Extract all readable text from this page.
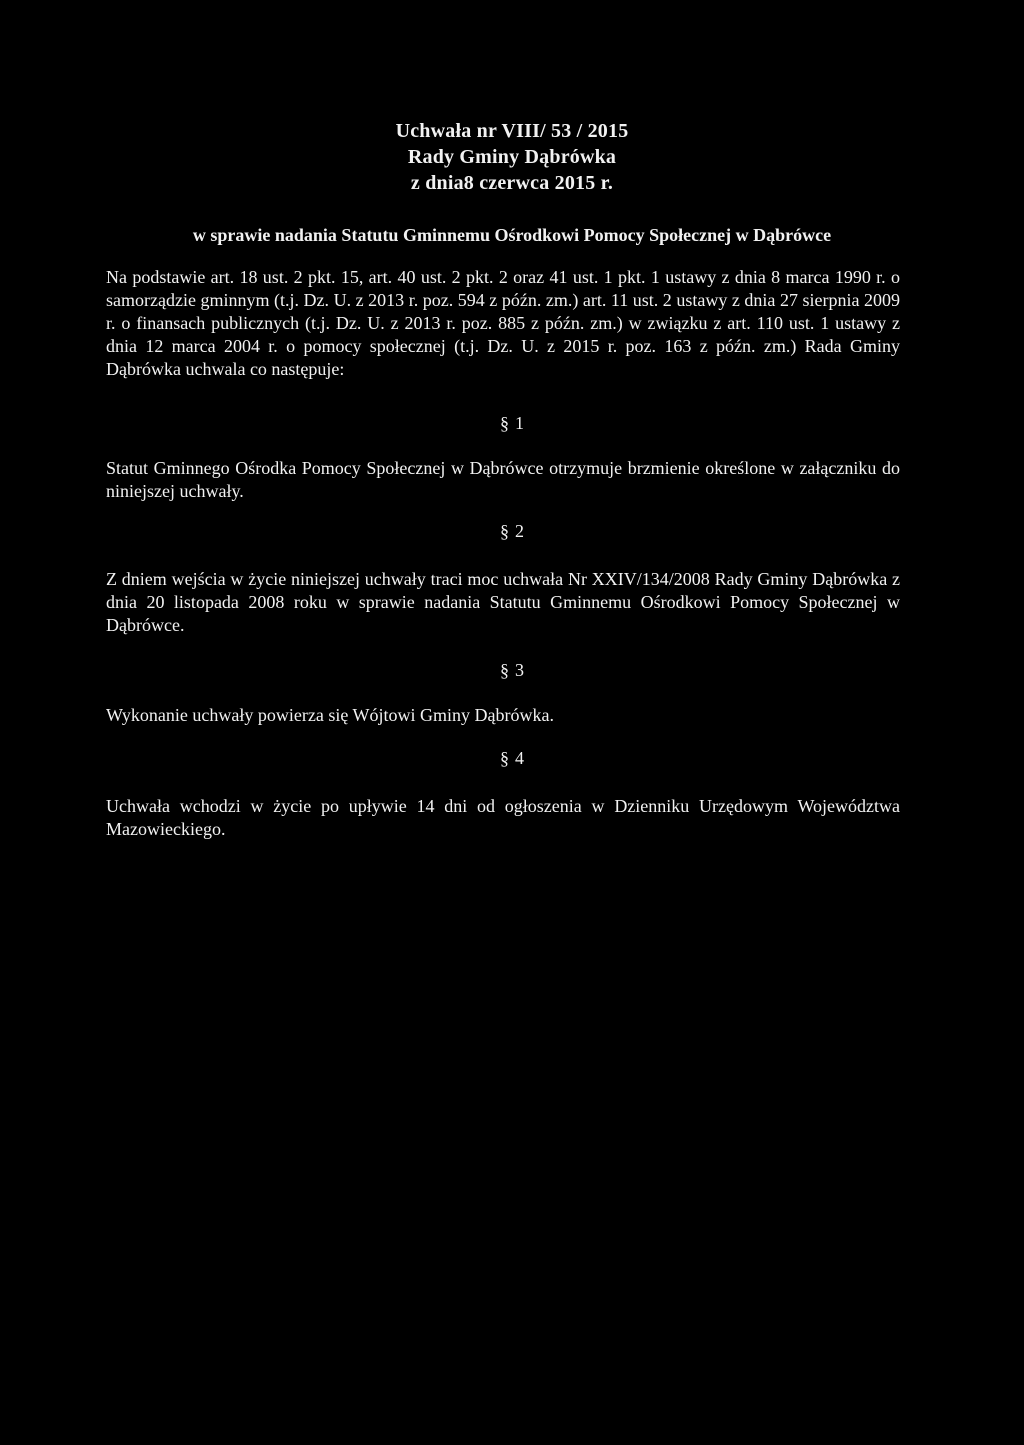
Uchwała nr VIII/ 53 / 2015
Rady Gminy Dąbrówka
z dnia8 czerwca 2015 r.
w sprawie nadania Statutu Gminnemu Ośrodkowi Pomocy Społecznej w Dąbrówce
Na podstawie art. 18 ust. 2 pkt. 15, art. 40 ust. 2 pkt. 2 oraz 41 ust. 1 pkt. 1 ustawy z dnia 8 marca 1990 r. o samorządzie gminnym (t.j. Dz. U. z 2013 r. poz. 594 z późn. zm.) art. 11 ust. 2 ustawy z dnia 27 sierpnia 2009 r. o finansach publicznych (t.j. Dz. U. z 2013 r. poz. 885 z późn. zm.) w związku z art. 110 ust. 1 ustawy z dnia 12 marca 2004 r. o pomocy społecznej (t.j. Dz. U. z 2015 r. poz. 163 z późn. zm.) Rada Gminy Dąbrówka uchwala co następuje:
§ 1
Statut Gminnego Ośrodka Pomocy Społecznej w Dąbrówce otrzymuje brzmienie określone w załączniku do niniejszej uchwały.
§ 2
Z dniem wejścia w życie niniejszej uchwały traci moc uchwała Nr XXIV/134/2008 Rady Gminy Dąbrówka z dnia 20 listopada 2008 roku w sprawie nadania Statutu Gminnemu Ośrodkowi Pomocy Społecznej w Dąbrówce.
§ 3
Wykonanie uchwały powierza się Wójtowi Gminy Dąbrówka.
§ 4
Uchwała wchodzi w życie po upływie 14 dni od ogłoszenia w Dzienniku Urzędowym Województwa Mazowieckiego.
